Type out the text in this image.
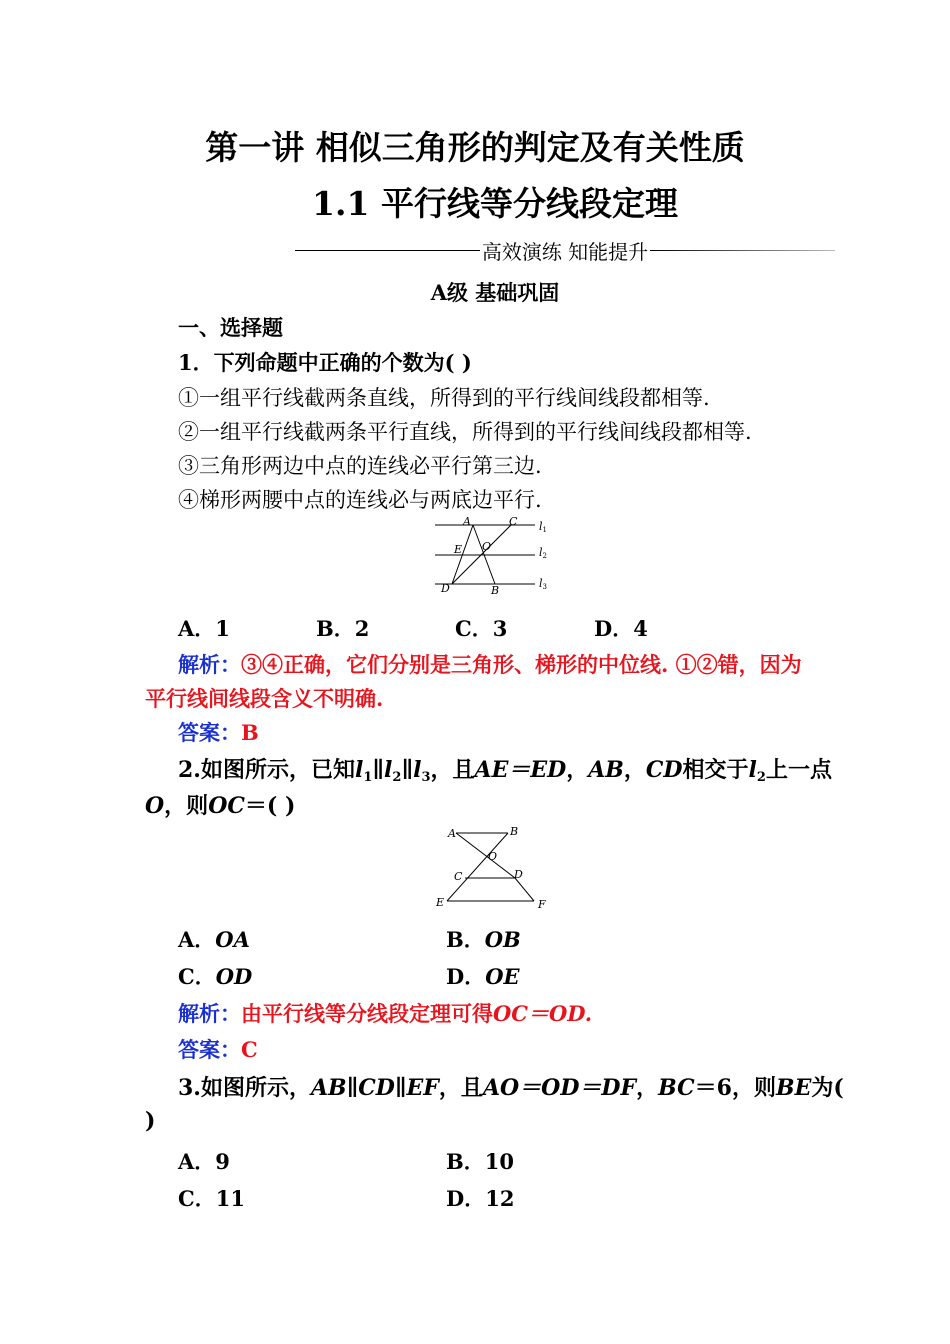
第一讲 相似三角形的判定及有关性质
1.1 平行线等分线段定理
高效演练 知能提升
A级 基础巩固
一、选择题
1．下列命题中正确的个数为( )
①一组平行线截两条直线，所得到的平行线间线段都相等.
②一组平行线截两条平行直线，所得到的平行线间线段都相等.
③三角形两边中点的连线必平行第三边.
④梯形两腰中点的连线必与两底边平行.
A	C
E O
D	B
l1
l2
l3
A．1	B．2	C．3	D．4
解析：③④正确，它们分别是三角形、梯形的中位线. ①②错，因为
平行线间线段含义不明确.
答案：B
2.如图所示，已知$l_1\parallel l_2\parallel l_3$，且AE＝ED，AB，CD相交于$l_2$上一点
O，则OC＝( )
A	B
O
C	D
E	F
A．OA	B．OB
C．OD	D．OE
解析：由平行线等分线段定理可得OC＝OD.
答案：C
3.如图所示，AB∥CD∥EF，且AO＝OD＝DF，BC＝6，则BE为(
)
A．9	B．10
C．11	D．12
